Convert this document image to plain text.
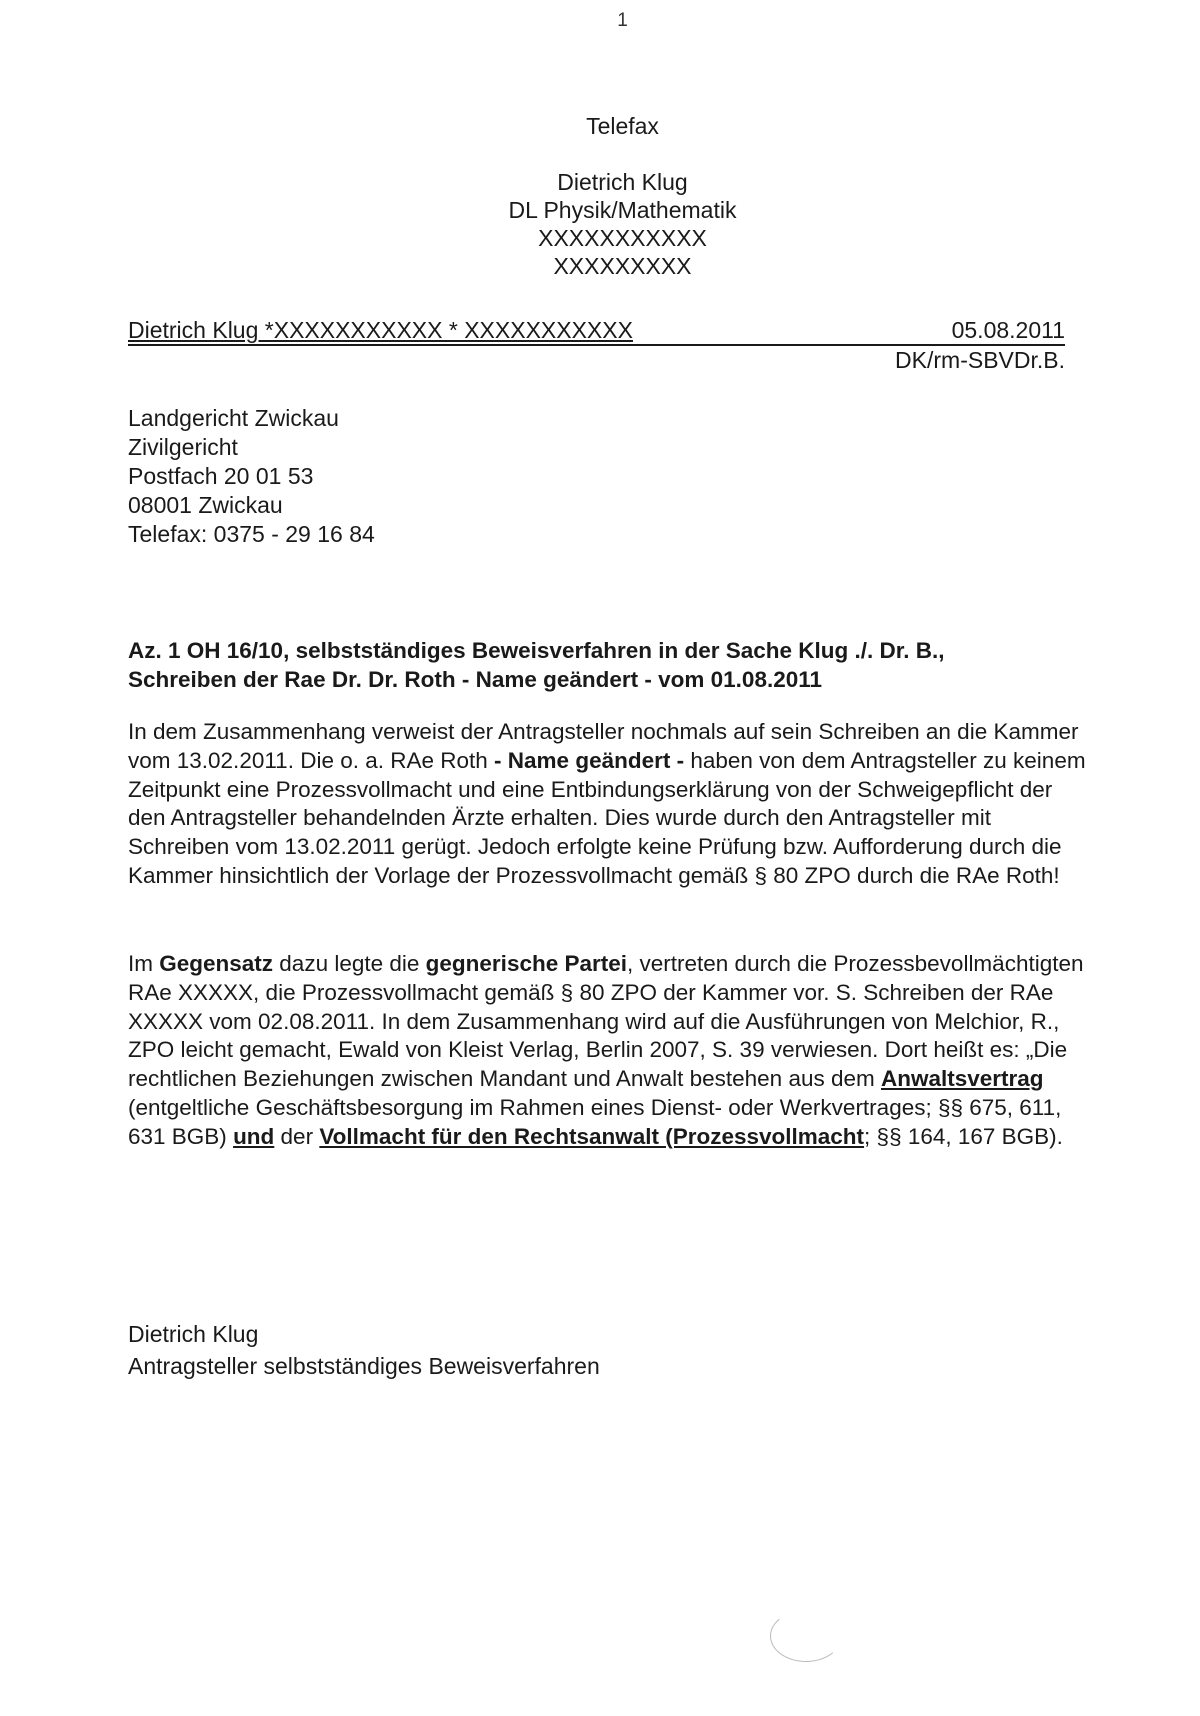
1
Telefax
Dietrich Klug
DL Physik/Mathematik
XXXXXXXXXXX
XXXXXXXXX
Dietrich Klug *XXXXXXXXXXX * XXXXXXXXXXX	05.08.2011
DK/rm-SBVDr.B.
Landgericht Zwickau
Zivilgericht
Postfach 20 01 53
08001 Zwickau
Telefax: 0375 - 29 16 84
Az. 1 OH 16/10, selbstständiges Beweisverfahren in der Sache Klug ./. Dr. B.,
Schreiben der Rae Dr. Dr. Roth - Name geändert - vom 01.08.2011
In dem Zusammenhang verweist der Antragsteller nochmals auf sein Schreiben an die Kammer vom 13.02.2011. Die o. a. RAe Roth - Name geändert - haben von dem Antragsteller zu keinem Zeitpunkt eine Prozessvollmacht und eine Entbindungserklärung von der Schweigepflicht der den Antragsteller behandelnden Ärzte erhalten. Dies wurde durch den Antragsteller mit Schreiben vom 13.02.2011 gerügt. Jedoch erfolgte keine Prüfung bzw. Aufforderung durch die Kammer hinsichtlich der Vorlage der Prozessvollmacht gemäß § 80 ZPO durch die RAe Roth!
Im Gegensatz dazu legte die gegnerische Partei, vertreten durch die Prozessbevollmächtigten RAe XXXXX, die Prozessvollmacht gemäß § 80 ZPO der Kammer vor. S. Schreiben der RAe XXXXX vom 02.08.2011. In dem Zusammenhang wird auf die Ausführungen von Melchior, R., ZPO leicht gemacht, Ewald von Kleist Verlag, Berlin 2007, S. 39 verwiesen. Dort heißt es: „Die rechtlichen Beziehungen zwischen Mandant und Anwalt bestehen aus dem Anwaltsvertrag (entgeltliche Geschäftsbesorgung im Rahmen eines Dienst- oder Werkvertrages; §§ 675, 611, 631 BGB) und der Vollmacht für den Rechtsanwalt (Prozessvollmacht; §§ 164, 167 BGB).
Dietrich Klug
Antragsteller selbstständiges Beweisverfahren
